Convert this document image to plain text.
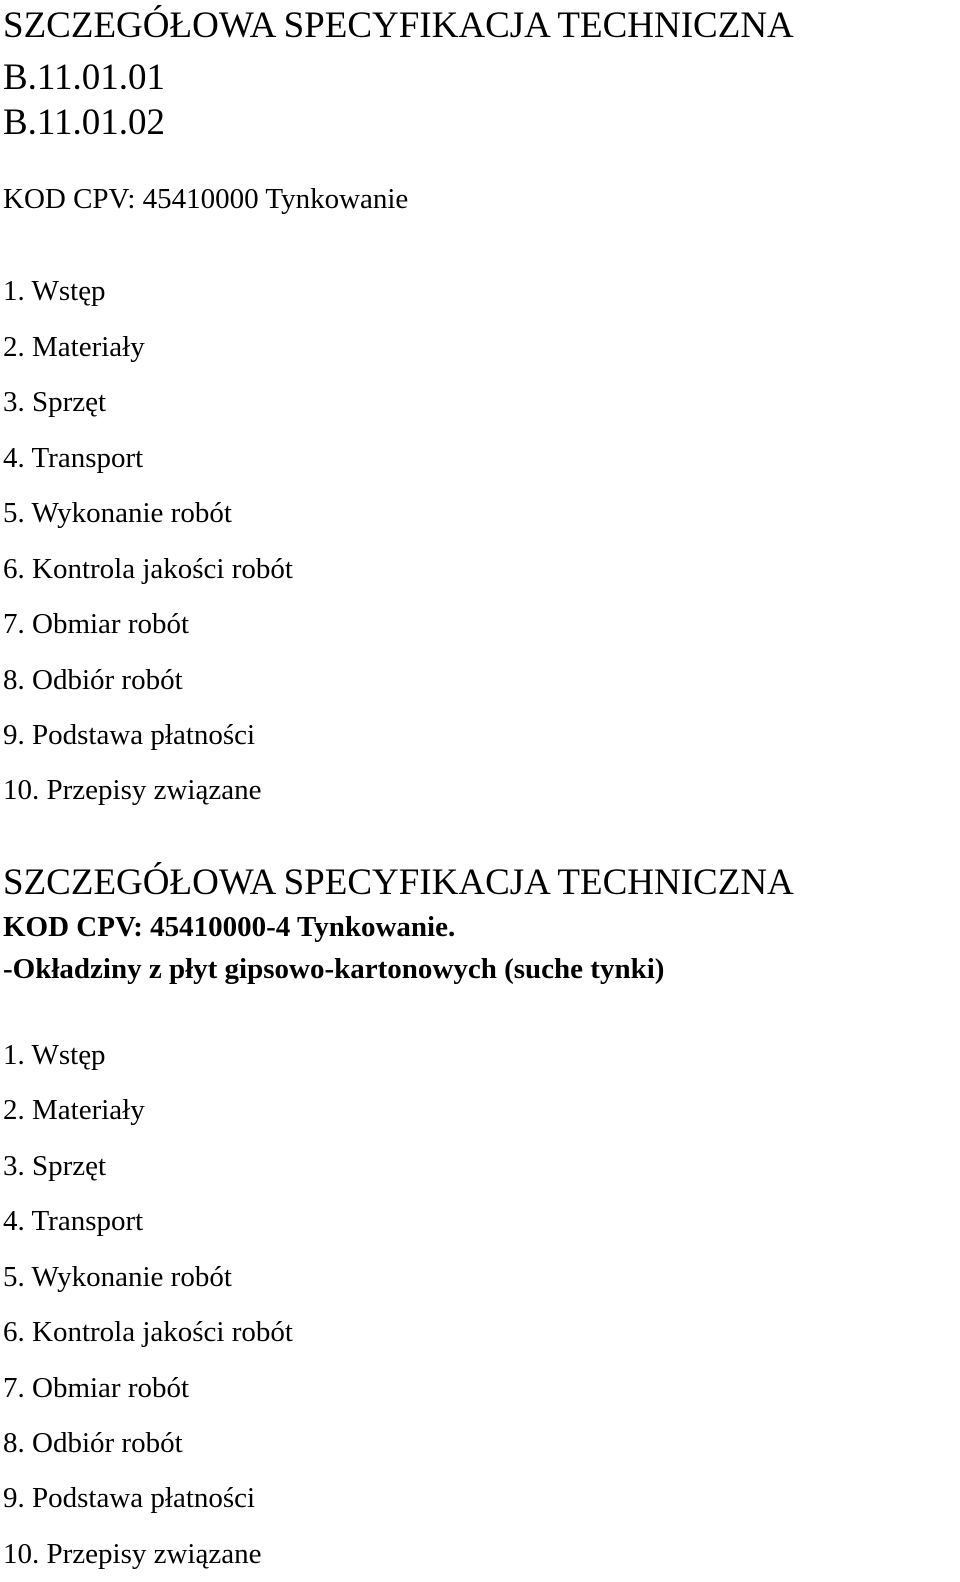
SZCZEGÓŁOWA SPECYFIKACJA TECHNICZNA
B.11.01.01
B.11.01.02
KOD CPV: 45410000 Tynkowanie
1. Wstęp
2. Materiały
3. Sprzęt
4. Transport
5. Wykonanie robót
6. Kontrola jakości robót
7. Obmiar robót
8. Odbiór robót
9. Podstawa płatności
10. Przepisy związane
SZCZEGÓŁOWA SPECYFIKACJA TECHNICZNA
KOD CPV: 45410000-4 Tynkowanie.
-Okładziny z płyt gipsowo-kartonowych (suche tynki)
1. Wstęp
2. Materiały
3. Sprzęt
4. Transport
5. Wykonanie robót
6. Kontrola jakości robót
7. Obmiar robót
8. Odbiór robót
9. Podstawa płatności
10. Przepisy związane
